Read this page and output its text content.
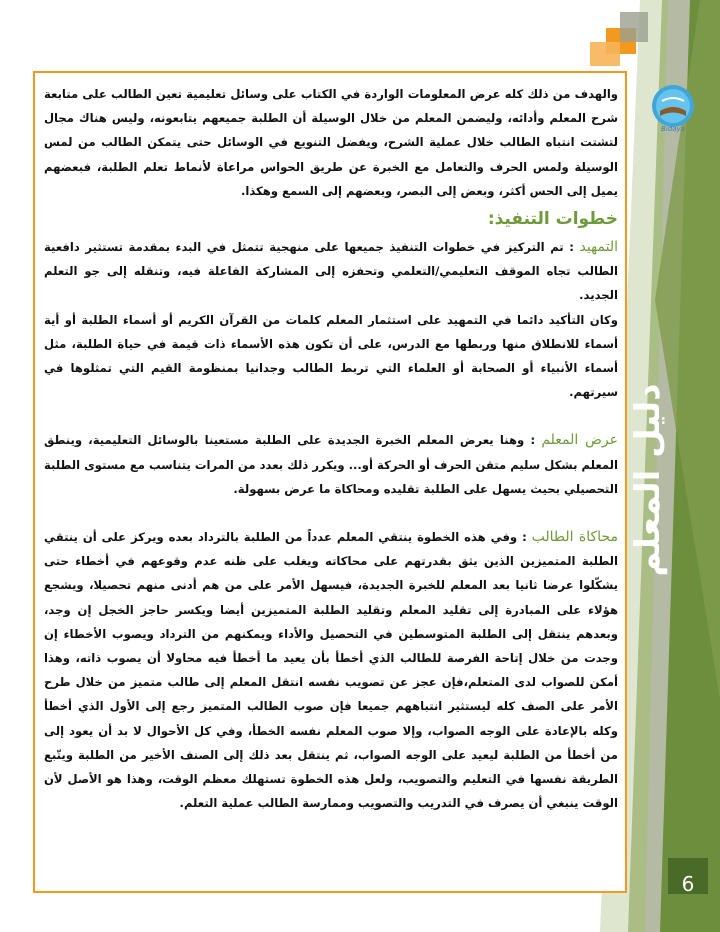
Bidaya

والهدف من ذلك كله عرض المعلومات الواردة في الكتاب على وسائل تعليمية تعين الطالب على متابعة شرح المعلم وأدائه، وليضمن المعلم من خلال الوسيلة أن الطلبة جميعهم يتابعونه، وليس هناك مجال لتشتت انتباه الطالب خلال عملية الشرح، ويفضل التنويع في الوسائل حتى يتمكن الطالب من لمس الوسيلة ولمس الحرف والتعامل مع الخبرة عن طريق الحواس مراعاة لأنماط تعلم الطلبة، فبعضهم يميل إلى الحس أكثر، وبعض إلى البصر، وبعضهم إلى السمع وهكذا.

خطوات التنفيذ:

التمهيد : تم التركيز في خطوات التنفيذ جميعها على منهجية تتمثل في البدء بمقدمة تستثير دافعية الطالب تجاه الموقف التعليمي/التعلمي وتحفزه إلى المشاركة الفاعلة فيه، وتنقله إلى جو التعلم الجديد.

وكان التأكيد دائما في التمهيد على استثمار المعلم كلمات من القرآن الكريم أو أسماء الطلبة أو أية أسماء للانطلاق منها وربطها مع الدرس، على أن تكون هذه الأسماء ذات قيمة في حياة الطلبة، مثل أسماء الأنبياء أو الصحابة أو العلماء التي تربط الطالب وجدانيا بمنظومة القيم التي تمثلوها في سيرتهم.

عرض المعلم : وهنا يعرض المعلم الخبرة الجديدة على الطلبة مستعينا بالوسائل التعليمية، وينطق المعلم بشكل سليم متقن الحرف أو الحركة أو... ويكرر ذلك بعدد من المرات يتناسب مع مستوى الطلبة التحصيلي بحيث يسهل على الطلبة تقليده ومحاكاة ما عرض بسهولة.

محاكاة الطالب : وفي هذه الخطوة ينتقي المعلم عدداً من الطلبة بالترداد بعده ويركز على أن ينتقي الطلبة المتميزين الذين يثق بقدرتهم على محاكاته ويغلب على ظنه عدم وقوعهم في أخطاء حتى يشكّلوا عرضا ثانيا بعد المعلم للخبرة الجديدة، فيسهل الأمر على من هم أدنى منهم تحصيلا، ويشجع هؤلاء على المبادرة إلى تقليد المعلم وتقليد الطلبة المتميزين أيضا ويكسر حاجز الخجل إن وجد، وبعدهم ينتقل إلى الطلبة المتوسطين في التحصيل والأداء ويمكنهم من الترداد ويصوب الأخطاء إن وجدت من خلال إتاحة الفرصة للطالب الذي أخطأ بأن يعيد ما أخطأ فيه محاولا أن يصوب ذاته، وهذا أمكن للصواب لدى المتعلم،فإن عجز عن تصويب نفسه انتقل المعلم إلى طالب متميز من خلال طرح الأمر على الصف كله ليستثير انتباههم جميعا فإن صوب الطالب المتميز رجع إلى الأول الذي أخطأ وكله بالإعادة على الوجه الصواب، وإلا صوب المعلم نفسه الخطأ، وفي كل الأحوال لا بد أن يعود إلى من أخطأ من الطلبة ليعيد على الوجه الصواب، ثم ينتقل بعد ذلك إلى الصنف الأخير من الطلبة ويتّبع الطريقة نفسها في التعليم والتصويب، ولعل هذه الخطوة تستهلك معظم الوقت، وهذا هو الأصل لأن الوقت ينبغي أن يصرف في التدريب والتصويب وممارسة الطالب عملية التعلم.

دليل المعلم
6
